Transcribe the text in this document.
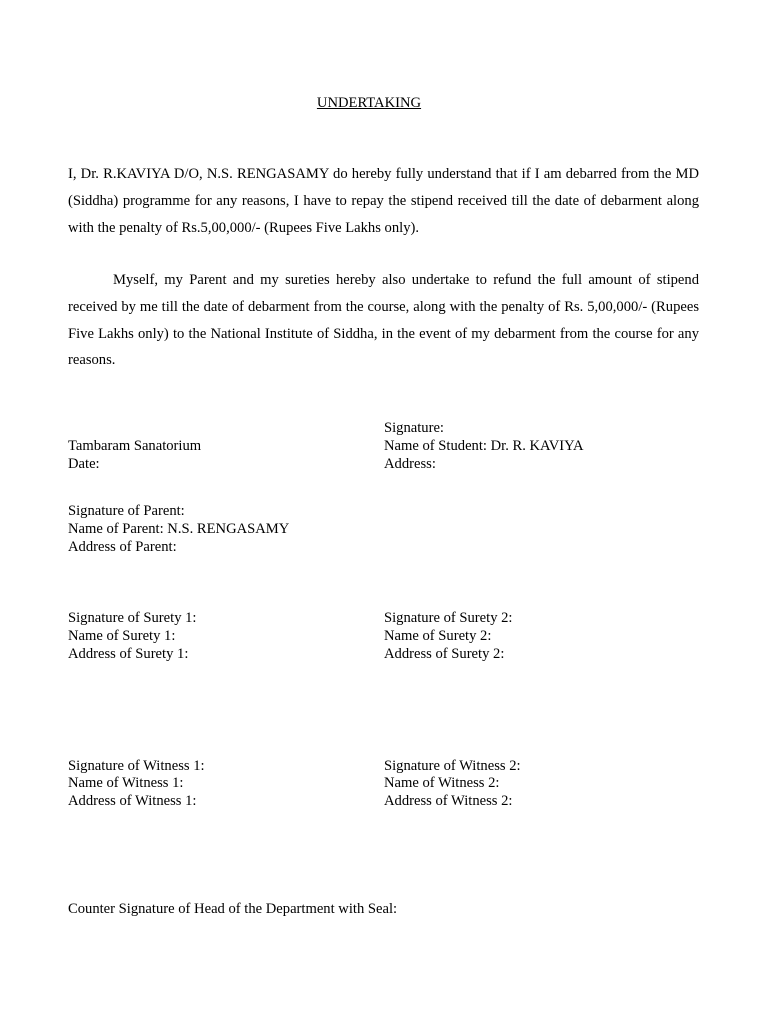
UNDERTAKING

I, Dr. R.KAVIYA D/O, N.S. RENGASAMY do hereby fully understand that if I am debarred from the MD (Siddha) programme for any reasons, I have to repay the stipend received till the date of debarment along with the penalty of Rs.5,00,000/- (Rupees Five Lakhs only).

Myself, my Parent and my sureties hereby also undertake to refund the full amount of stipend received by me till the date of debarment from the course, along with the penalty of Rs. 5,00,000/- (Rupees Five Lakhs only) to the National Institute of Siddha, in the event of my debarment from the course for any reasons.

Signature:
Name of Student: Dr. R. KAVIYA
Address:
Tambaram Sanatorium
Date:
Signature of Parent:
Name of Parent: N.S. RENGASAMY
Address of Parent:
Signature of Surety 1:
Name of Surety 1:
Address of Surety 1:
Signature of Surety 2:
Name of Surety 2:
Address of Surety 2:
Signature of Witness 1:
Name of Witness 1:
Address of Witness 1:
Signature of Witness 2:
Name of Witness 2:
Address of Witness 2:
Counter Signature of Head of the Department with Seal:
